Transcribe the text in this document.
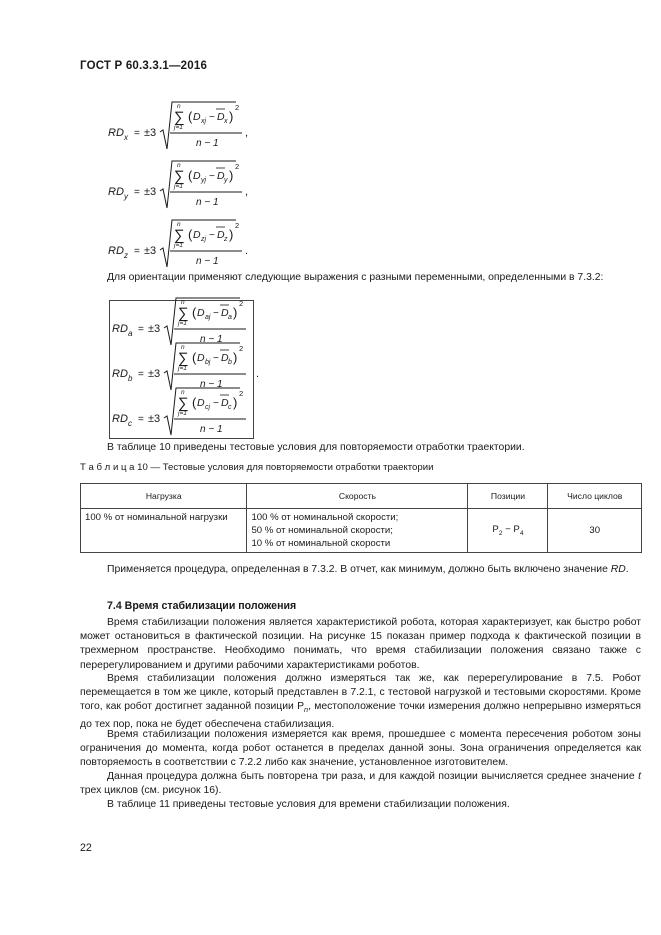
ГОСТ Р 60.3.3.1—2016
RD x = ±3
n
∑
j=1
( D xj − D x )
2
n − 1
,
RD y = ±3
n
∑
j=1
( D yj − D y )
2
n − 1
,
RD z = ±3
n
∑
j=1
( D zj − D z )
2
n − 1
.
Для ориентации применяют следующие выражения с разными переменными, определенными в 7.3.2:
RD a = ±3
n
∑
j=1
( D aj − D a )
2
n − 1
RD b = ±3
n
∑
j=1
( D bj − D b )
2
n − 1
RD c = ±3
n
∑
j=1
( D cj − D c )
2
n − 1
.
В таблице 10 приведены тестовые условия для повторяемости отработки траектории.
Т а б л и ц а 10 — Тестовые условия для повторяемости отработки траектории
Нагрузка	Скорость	Позиции	Число циклов
100 % от номинальной нагрузки	100 % от номинальной скорости;
50 % от номинальной скорости;
10 % от номинальной скорости	$P_2 - P_4$	30
Применяется процедура, определенная в 7.3.2. В отчет, как минимум, должно быть включено значение RD.
7.4 Время стабилизации положения
Время стабилизации положения является характеристикой робота, которая характеризует, как быстро робот может остановиться в фактической позиции. На рисунке 15 показан пример подхода к фактической позиции в трехмерном пространстве. Необходимо понимать, что время стабилизации положения связано также с перерегулированием и другими рабочими характеристиками роботов.
Время стабилизации положения должно измеряться так же, как перерегулирование в 7.5. Робот перемещается в том же цикле, который представлен в 7.2.1, с тестовой нагрузкой и тестовыми скоростями. Кроме того, как робот достигнет заданной позиции $P_n$, местоположение точки измерения должно непрерывно измеряться до тех пор, пока не будет обеспечена стабилизация.
Время стабилизации положения измеряется как время, прошедшее с момента пересечения роботом зоны ограничения до момента, когда робот останется в пределах данной зоны. Зона ограничения определяется как повторяемость в соответствии с 7.2.2 либо как значение, установленное изготовителем.
Данная процедура должна быть повторена три раза, и для каждой позиции вычисляется среднее значение t трех циклов (см. рисунок 16).
В таблице 11 приведены тестовые условия для времени стабилизации положения.
22
